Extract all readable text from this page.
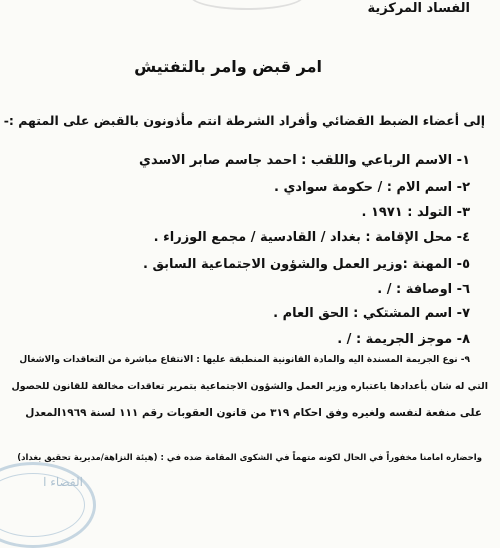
الفساد المركزية
امر قبض وامر بالتفتيش
إلى أعضاء الضبط القضائي وأفراد الشرطة انتم مأذونون بالقبض على المتهم :-
١- الاسم الرباعي واللقب : احمد جاسم صابر الاسدي
٢- اسم الام : / حكومة سوادي .
٣- التولد : ١٩٧١ .
٤- محل الإقامة : بغداد / القادسية / مجمع الوزراء .
٥- المهنة :وزير العمل والشؤون الاجتماعية السابق .
٦- اوصافة : / .
٧- اسم المشتكي : الحق العام .
٨- موجز الجريمة : / .
٩- نوع الجريمة المسندة اليه والمادة القانونية المنطبقة عليها : الانتفاع مباشرة من التعاقدات والاشغال
التي له شان بأعدادها باعتباره وزير العمل والشؤون الاجتماعية بتمرير تعاقدات مخالفة للقانون للحصول
على منفعة لنفسه ولغيره وفق احكام ٣١٩ من قانون العقوبات رقم ١١١ لسنة ١٩٦٩المعدل
واحضاره امامنا مخفوراً في الحال لكونه متهماً في الشكوى المقامة ضده في : (هيئة النزاهة/مديرية تحقيق بغداد)
القضاء ا
